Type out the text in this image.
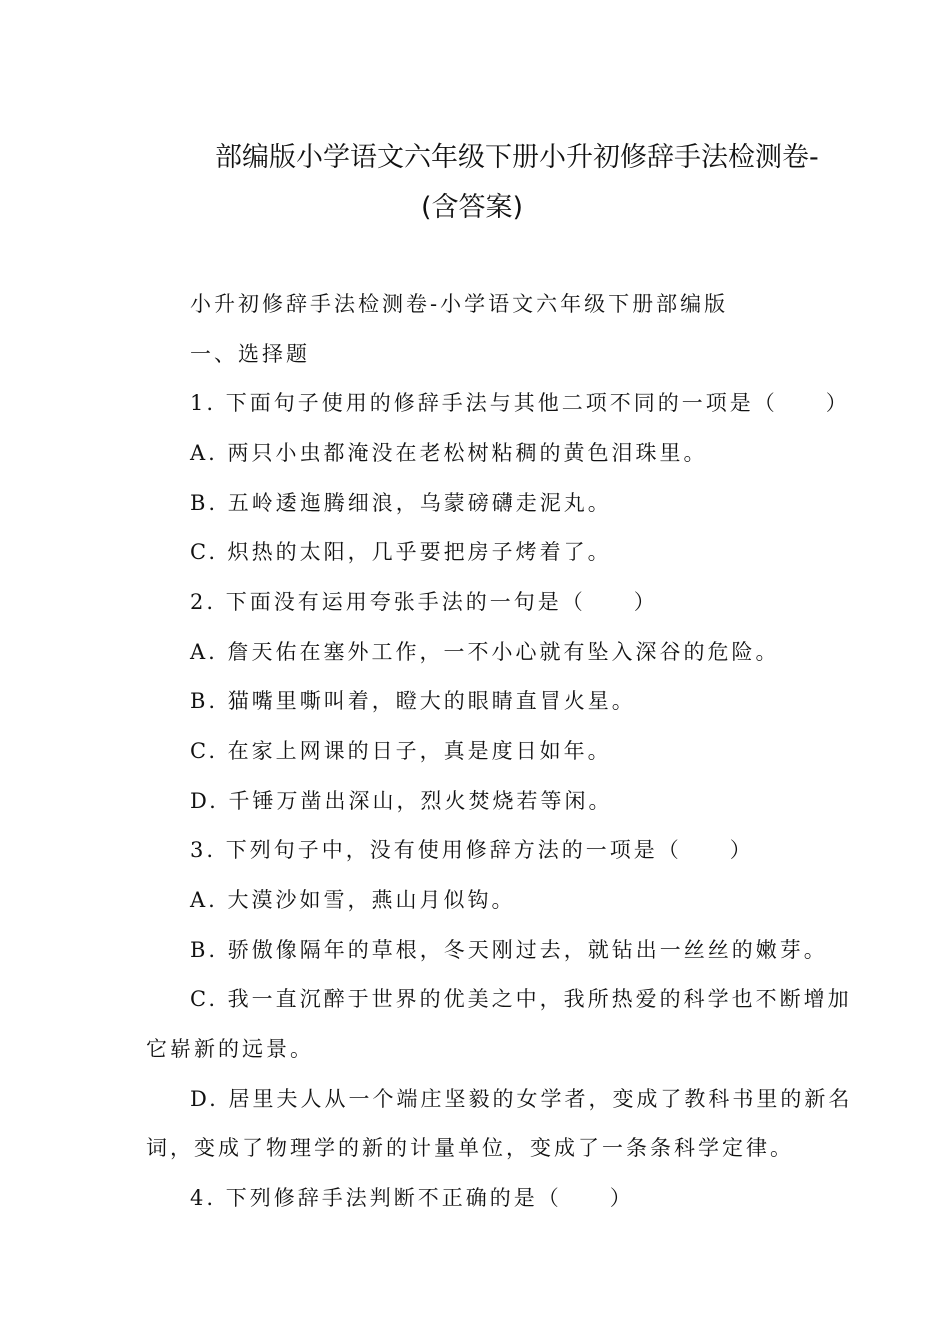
部编版小学语文六年级下册小升初修辞手法检测卷-
(含答案)
小升初修辞手法检测卷-小学语文六年级下册部编版
一、选择题
1. 下面句子使用的修辞手法与其他二项不同的一项是（　　）
A. 两只小虫都淹没在老松树粘稠的黄色泪珠里。
B. 五岭逶迤腾细浪，乌蒙磅礴走泥丸。
C. 炽热的太阳，几乎要把房子烤着了。
2. 下面没有运用夸张手法的一句是（　　）
A. 詹天佑在塞外工作，一不小心就有坠入深谷的危险。
B. 猫嘴里嘶叫着，瞪大的眼睛直冒火星。
C. 在家上网课的日子，真是度日如年。
D. 千锤万凿出深山，烈火焚烧若等闲。
3. 下列句子中，没有使用修辞方法的一项是（　　）
A. 大漠沙如雪，燕山月似钩。
B. 骄傲像隔年的草根，冬天刚过去，就钻出一丝丝的嫩芽。
C. 我一直沉醉于世界的优美之中，我所热爱的科学也不断增加
它崭新的远景。
D. 居里夫人从一个端庄坚毅的女学者，变成了教科书里的新名
词，变成了物理学的新的计量单位，变成了一条条科学定律。
4. 下列修辞手法判断不正确的是（　　）
